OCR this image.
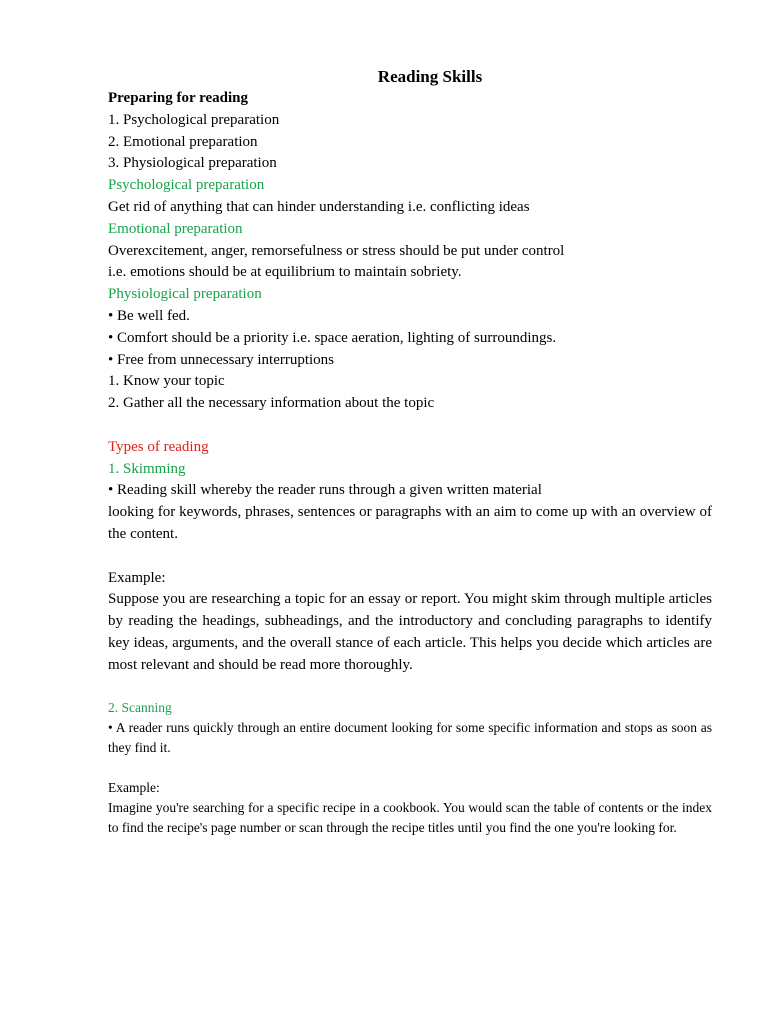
Reading Skills

Preparing for reading

1. Psychological preparation

2. Emotional preparation

3. Physiological preparation

Psychological preparation

Get rid of anything that can hinder understanding i.e. conflicting ideas

Emotional preparation

Overexcitement, anger, remorsefulness or stress should be put under control

i.e. emotions should be at equilibrium to maintain sobriety.

Physiological preparation

• Be well fed.

• Comfort should be a priority i.e. space aeration, lighting of surroundings.

• Free from unnecessary interruptions

1. Know your topic

2. Gather all the necessary information about the topic

Types of reading

1. Skimming

• Reading skill whereby the reader runs through a given written material

looking for keywords, phrases, sentences or paragraphs with an aim to come up with an overview of the content.

Example:

Suppose you are researching a topic for an essay or report. You might skim through multiple articles by reading the headings, subheadings, and the introductory and concluding paragraphs to identify key ideas, arguments, and the overall stance of each article. This helps you decide which articles are most relevant and should be read more thoroughly.

2. Scanning

• A reader runs quickly through an entire document looking for some specific information and stops as soon as they find it.

Example:

Imagine you're searching for a specific recipe in a cookbook. You would scan the table of contents or the index to find the recipe's page number or scan through the recipe titles until you find the one you're looking for.
